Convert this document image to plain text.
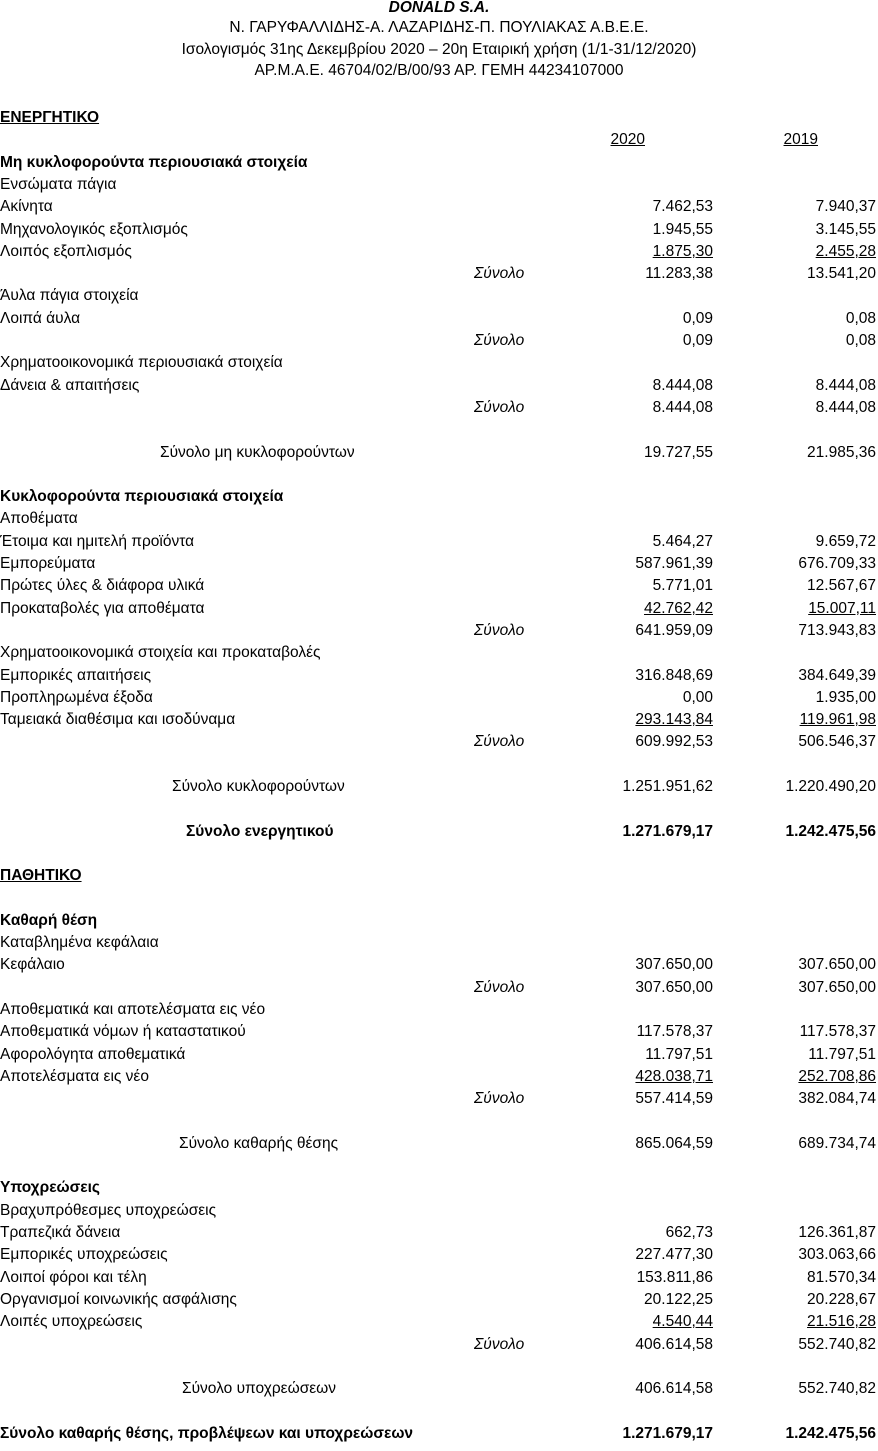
DONALD S.A.
Ν. ΓΑΡΥΦΑΛΛΙΔΗΣ-Α. ΛΑΖΑΡΙΔΗΣ-Π. ΠΟΥΛΙΑΚΑΣ Α.Β.Ε.Ε.
Ισολογισμός 31ης Δεκεμβρίου 2020 – 20η Εταιρική χρήση (1/1-31/12/2020)
ΑΡ.Μ.Α.Ε. 46704/02/Β/00/93 ΑΡ. ΓΕΜΗ 44234107000
ΕΝΕΡΓΗΤΙΚΟ
2020	2019
Μη κυκλοφορούντα περιουσιακά στοιχεία
Ενσώματα πάγια
Ακίνητα	7.462,53	7.940,37
Μηχανολογικός εξοπλισμός	1.945,55	3.145,55
Λοιπός εξοπλισμός	1.875,30	2.455,28
Σύνολο	11.283,38	13.541,20
Άυλα πάγια στοιχεία
Λοιπά άυλα	0,09	0,08
Σύνολο	0,09	0,08
Χρηματοοικονομικά περιουσιακά στοιχεία
Δάνεια & απαιτήσεις	8.444,08	8.444,08
Σύνολο	8.444,08	8.444,08
Σύνολο μη κυκλοφορούντων	19.727,55	21.985,36
Κυκλοφορούντα περιουσιακά στοιχεία
Αποθέματα
Έτοιμα και ημιτελή προϊόντα	5.464,27	9.659,72
Εμπορεύματα	587.961,39	676.709,33
Πρώτες ύλες & διάφορα υλικά	5.771,01	12.567,67
Προκαταβολές για αποθέματα	42.762,42	15.007,11
Σύνολο	641.959,09	713.943,83
Χρηματοοικονομικά στοιχεία και προκαταβολές
Εμπορικές απαιτήσεις	316.848,69	384.649,39
Προπληρωμένα έξοδα	0,00	1.935,00
Ταμειακά διαθέσιμα και ισοδύναμα	293.143,84	119.961,98
Σύνολο	609.992,53	506.546,37
Σύνολο κυκλοφορούντων	1.251.951,62	1.220.490,20
Σύνολο ενεργητικού	1.271.679,17	1.242.475,56
ΠΑΘΗΤΙΚΟ
Καθαρή θέση
Καταβλημένα κεφάλαια
Κεφάλαιο	307.650,00	307.650,00
Σύνολο	307.650,00	307.650,00
Αποθεματικά και αποτελέσματα εις νέο
Αποθεματικά νόμων ή καταστατικού	117.578,37	117.578,37
Αφορολόγητα αποθεματικά	11.797,51	11.797,51
Αποτελέσματα εις νέο	428.038,71	252.708,86
Σύνολο	557.414,59	382.084,74
Σύνολο καθαρής θέσης	865.064,59	689.734,74
Υποχρεώσεις
Βραχυπρόθεσμες υποχρεώσεις
Τραπεζικά δάνεια	662,73	126.361,87
Εμπορικές υποχρεώσεις	227.477,30	303.063,66
Λοιποί φόροι και τέλη	153.811,86	81.570,34
Οργανισμοί κοινωνικής ασφάλισης	20.122,25	20.228,67
Λοιπές υποχρεώσεις	4.540,44	21.516,28
Σύνολο	406.614,58	552.740,82
Σύνολο υποχρεώσεων	406.614,58	552.740,82
Σύνολο καθαρής θέσης, προβλέψεων και υποχρεώσεων	1.271.679,17	1.242.475,56
